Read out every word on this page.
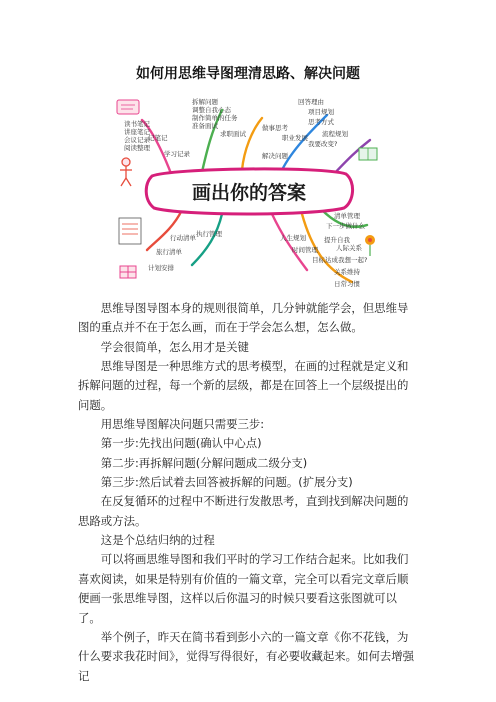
如何用思维导图理清思路、解决问题
读书笔记
讲座笔记
会议记录
阅读整理
记笔记
学习记录
拆解问题
调整自我心态
制作简单的任务
准备面试
求职面试
做事思考
职业发展
解决问题
回答理由
项目规划
思考方式
流程规划
我要改变?
清单管理
行动清单 执行管理	人生规划
时间管理
下一步做什么
提升自我
目标达成
人际关系
旅行清单
计划安排
我想一起?
关系维持
日常习惯
画出你的答案

思维导图导图本身的规则很简单，几分钟就能学会，但思维导图的重点并不在于怎么画，而在于学会怎么想，怎么做。

学会很简单，怎么用才是关键

思维导图是一种思维方式的思考模型，在画的过程就是定义和拆解问题的过程，每一个新的层级，都是在回答上一个层级提出的问题。

用思维导图解决问题只需要三步:

第一步:先找出问题(确认中心点)

第二步:再拆解问题(分解问题成二级分支)

第三步:然后试着去回答被拆解的问题。(扩展分支)

在反复循环的过程中不断进行发散思考，直到找到解决问题的思路或方法。

这是个总结归纳的过程

可以将画思维导图和我们平时的学习工作结合起来。比如我们喜欢阅读，如果是特别有价值的一篇文章，完全可以看完文章后顺便画一张思维导图，这样以后你温习的时候只要看这张图就可以了。

举个例子，昨天在简书看到彭小六的一篇文章《你不花钱，为什么要求我花时间》，觉得写得很好，有必要收藏起来。如何去增强记
